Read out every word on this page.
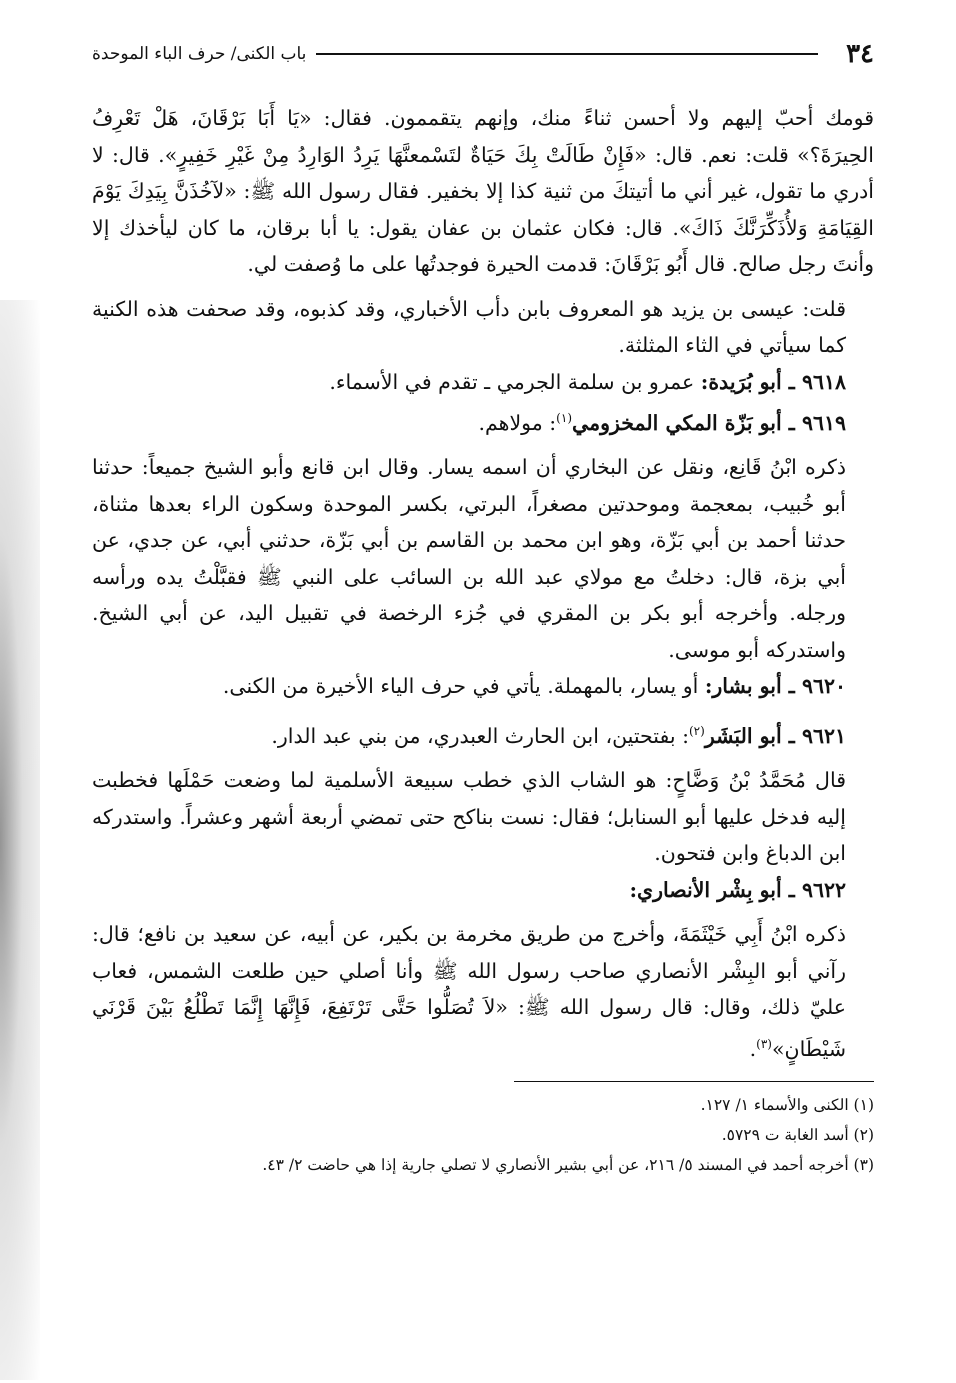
٣٤
باب الكنى/ حرف الباء الموحدة

قومك أحبّ إليهم ولا أحسن ثناءً منك، وإنهم يتقممون. فقال: «يَا أَبَا بَرْقَانَ، هَلْ تَعْرِفُ الحِيرَةَ؟» قلت: نعم. قال: «فَإِنْ طَالَتْ بِكَ حَيَاةٌ لتَسْمعنَّهَا يَرِدُ الوَارِدُ مِنْ غَيْرِ خَفِيرٍ». قال: لا أدري ما تقول، غير أني ما أتيتكَ من ثنية كذا إلا بخفير. فقال رسول الله ﷺ: «لآخُذَنَّ بِيَدِكَ يَوْمَ القِيَامَةِ وَلأُذَكِّرَنَّكَ ذَاكَ». قال: فكان عثمان بن عفان يقول: يا أبا برقان، ما كان ليأخذك إلا وأنتَ رجل صالح. قال أَبُو بَرْقَانَ: قدمت الحيرة فوجدتُها على ما وُصفت لي.

قلت: عيسى بن يزيد هو المعروف بابن دأب الأخباري، وقد كذبوه، وقد صحفت هذه الكنية كما سيأتي في الثاء المثلثة.

٩٦١٨ ـ أبو بُرَيدة: عمرو بن سلمة الجرمي ـ تقدم في الأسماء.

٩٦١٩ ـ أبو بَزّة المكي المخزومي$^{(١)}$: مولاهم.

ذكره ابْنُ قَانِع، ونقل عن البخاري أن اسمه يسار. وقال ابن قانع وأبو الشيخ جميعاً: حدثنا أبو خُبيب، بمعجمة وموحدتين مصغراً، البرتي، بكسر الموحدة وسكون الراء بعدها مثناة، حدثنا أحمد بن أبي بَزّة، وهو ابن محمد بن القاسم بن أبي بَزّة، حدثني أبي، عن جدي، عن أبي بزة، قال: دخلتُ مع مولاي عبد الله بن السائب على النبي ﷺ فقبَّلْتُ يده ورأسه ورجله. وأخرجه أبو بكر بن المقري في جُزء الرخصة في تقبيل اليد، عن أبي الشيخ. واستدركه أبو موسى.

٩٦٢٠ ـ أبو بشار: أو يسار، بالمهملة. يأتي في حرف الياء الأخيرة من الكنى.

٩٦٢١ ـ أبو البَشَر$^{(٢)}$: بفتحتين، ابن الحارث العبدري، من بني عبد الدار.

قال مُحَمَّدُ بْنُ وَضَّاحٍ: هو الشاب الذي خطب سبيعة الأسلمية لما وضعت حَمْلَها فخطبت إليه فدخل عليها أبو السنابل؛ فقال: نست بناكح حتى تمضي أربعة أشهر وعشراً. واستدركه ابن الدباغ وابن فتحون.

٩٦٢٢ ـ أبو بِشْر الأنصاري:

ذكره ابْنُ أَبِي خَيْثَمَةَ، وأخرج من طريق مخرمة بن بكير، عن أبيه، عن سعيد بن نافع؛ قال: رآني أبو البِشْر الأنصاري صاحب رسول الله ﷺ وأنا أصلي حين طلعت الشمس، فعاب عليّ ذلك، وقال: قال رسول الله ﷺ: «لاَ تُصَلُّوا حَتَّى تَرْتَفِعَ، فَإِنَّهَا إِنَّمَا تَطْلُعُ بَيْنَ قَرْنَي شَيْطَانٍ»$^{(٣)}$.

(١) الكنى والأسماء ١/ ١٢٧.

(٢) أسد الغابة ت ٥٧٢٩.

(٣) أخرجه أحمد في المسند ٥/ ٢١٦، عن أبي بشير الأنصاري لا تصلي جارية إذا هي حاضت ٢/ ٤٣.
